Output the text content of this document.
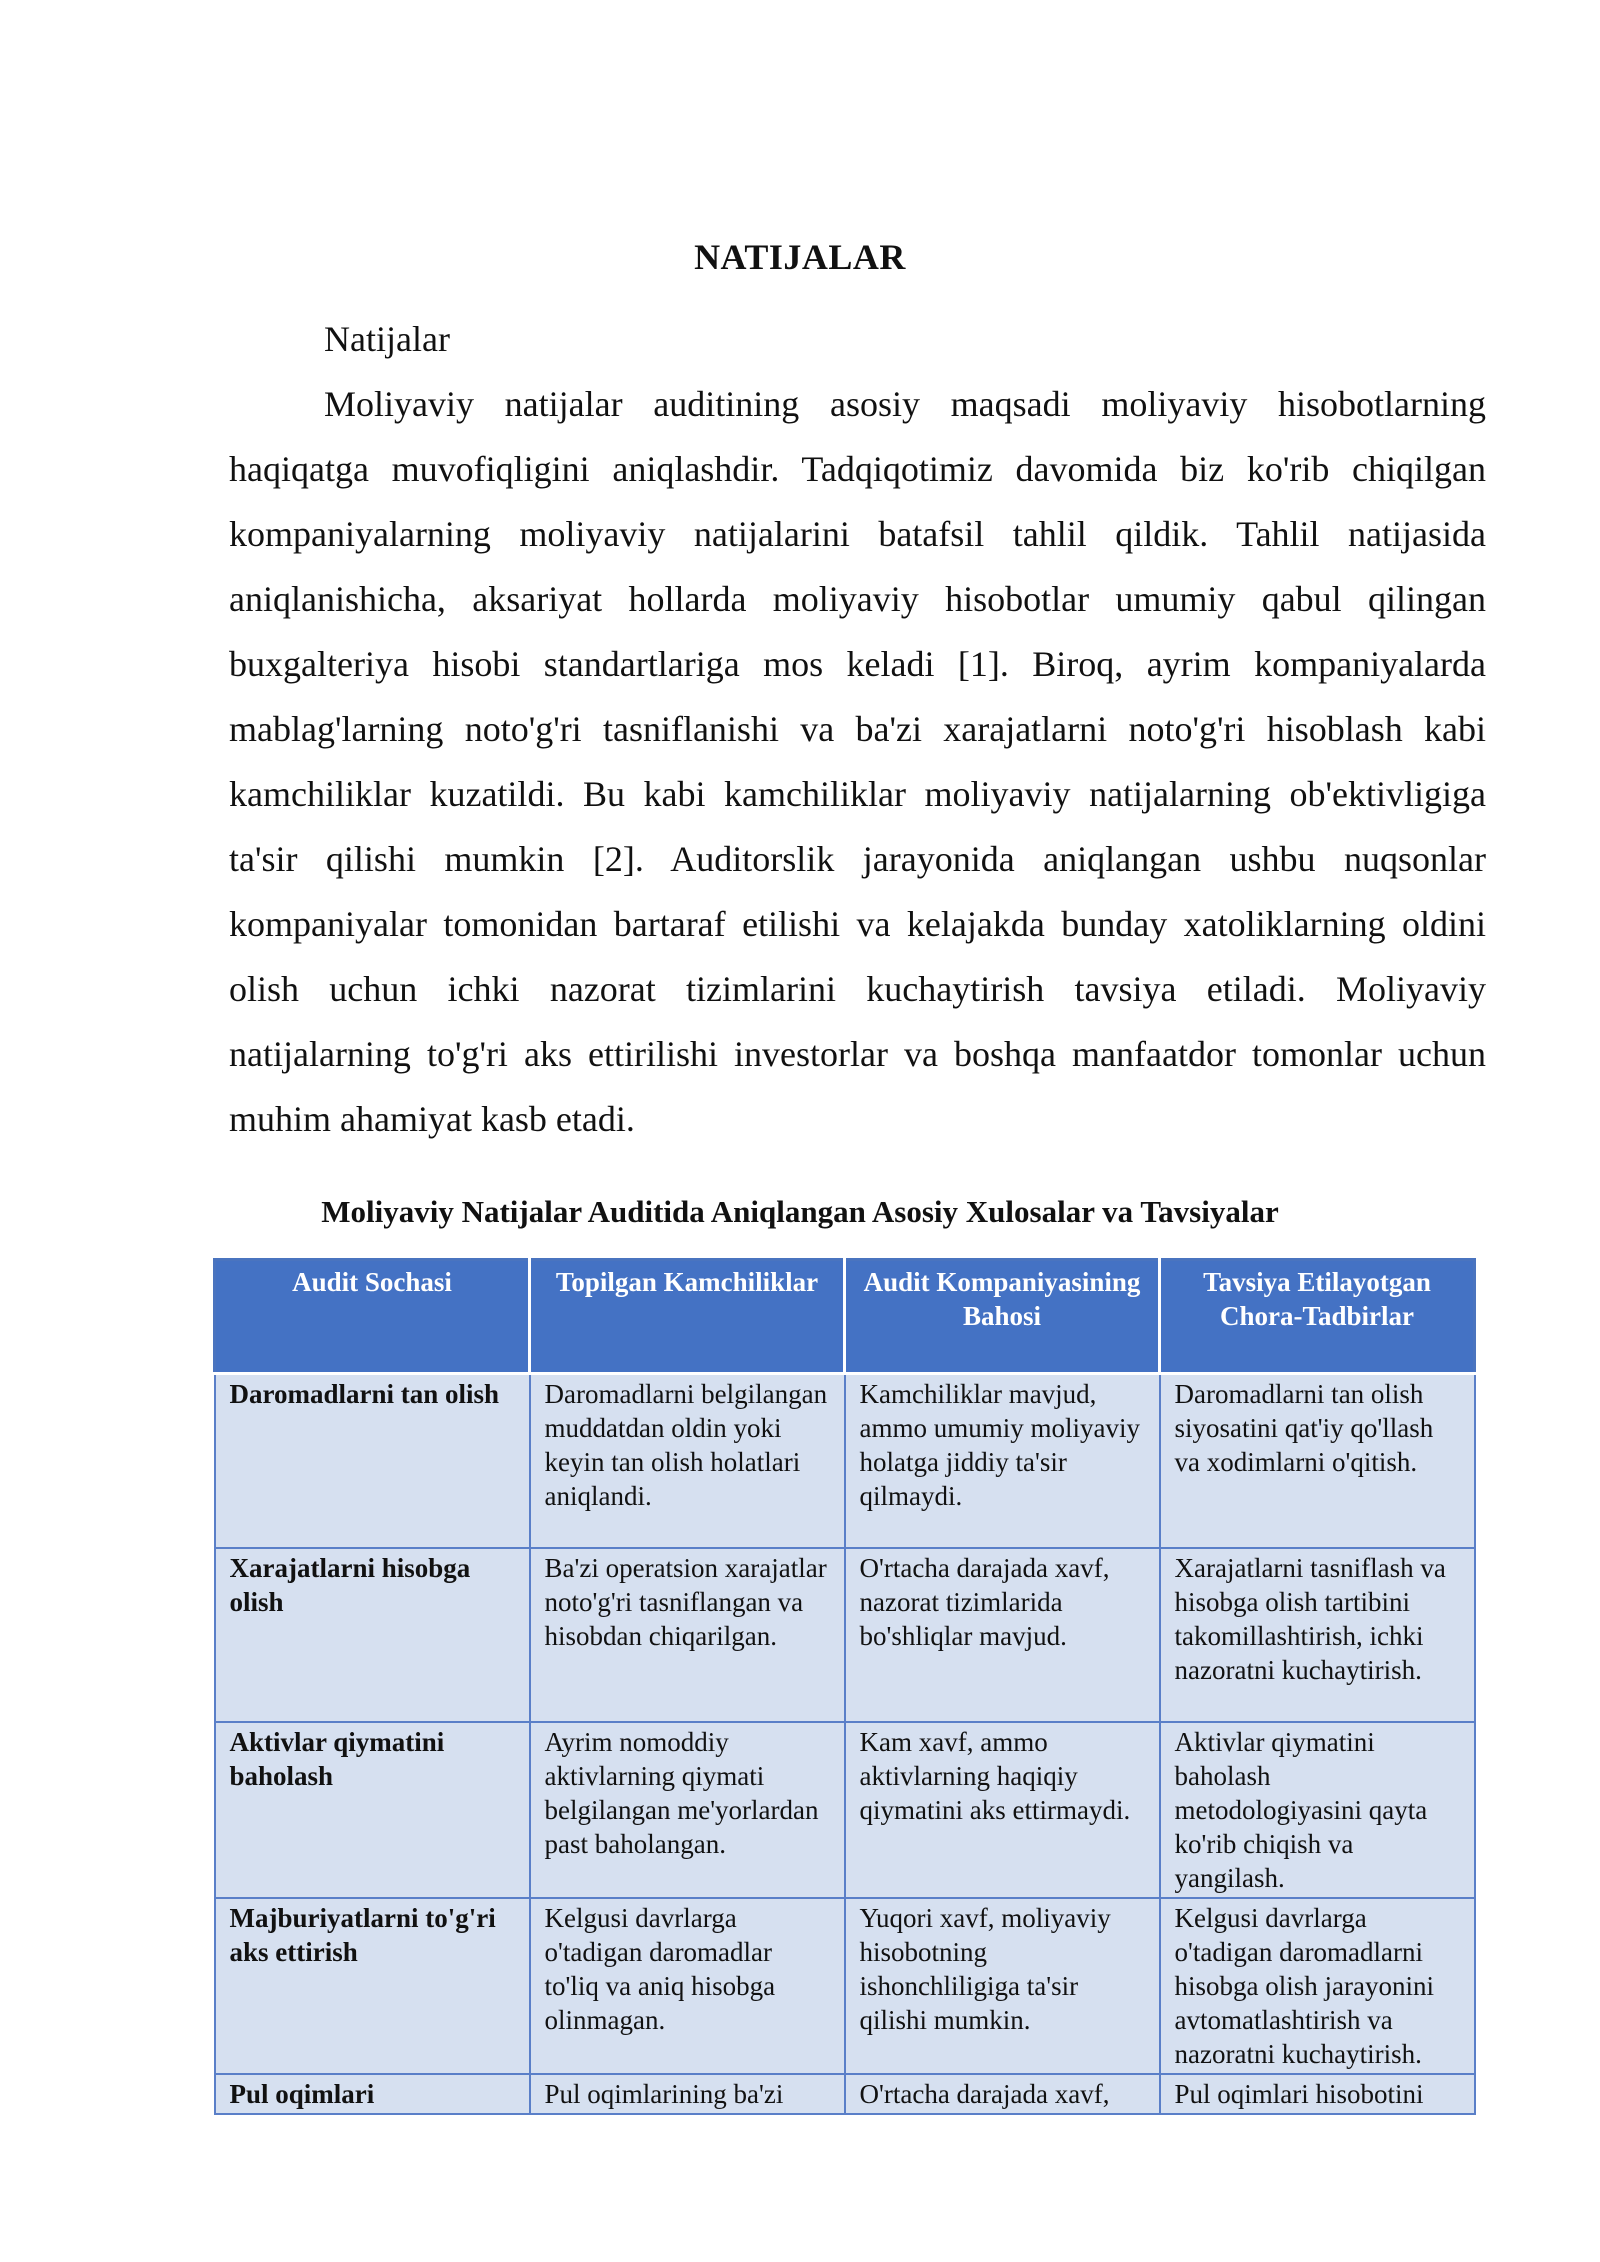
NATIJALAR
Natijalar

Moliyaviy natijalar auditining asosiy maqsadi moliyaviy hisobotlarning haqiqatga muvofiqligini aniqlashdir. Tadqiqotimiz davomida biz ko'rib chiqilgan kompaniyalarning moliyaviy natijalarini batafsil tahlil qildik. Tahlil natijasida aniqlanishicha, aksariyat hollarda moliyaviy hisobotlar umumiy qabul qilingan buxgalteriya hisobi standartlariga mos keladi [1]. Biroq, ayrim kompaniyalarda mablag'larning noto'g'ri tasniflanishi va ba'zi xarajatlarni noto'g'ri hisoblash kabi kamchiliklar kuzatildi. Bu kabi kamchiliklar moliyaviy natijalarning ob'ektivligiga ta'sir qilishi mumkin [2]. Auditorslik jarayonida aniqlangan ushbu nuqsonlar kompaniyalar tomonidan bartaraf etilishi va kelajakda bunday xatoliklarning oldini olish uchun ichki nazorat tizimlarini kuchaytirish tavsiya etiladi. Moliyaviy natijalarning to'g'ri aks ettirilishi investorlar va boshqa manfaatdor tomonlar uchun muhim ahamiyat kasb etadi.

Moliyaviy Natijalar Auditida Aniqlangan Asosiy Xulosalar va Tavsiyalar
Audit Sochasi	Topilgan Kamchiliklar	Audit Kompaniyasining Bahosi	Tavsiya Etilayotgan Chora-Tadbirlar
Daromadlarni tan olish	Daromadlarni belgilangan muddatdan oldin yoki keyin tan olish holatlari aniqlandi.	Kamchiliklar mavjud, ammo umumiy moliyaviy holatga jiddiy ta'sir qilmaydi.	Daromadlarni tan olish siyosatini qat'iy qo'llash va xodimlarni o'qitish.
Xarajatlarni hisobga olish	Ba'zi operatsion xarajatlar noto'g'ri tasniflangan va hisobdan chiqarilgan.	O'rtacha darajada xavf, nazorat tizimlarida bo'shliqlar mavjud.	Xarajatlarni tasniflash va hisobga olish tartibini takomillashtirish, ichki nazoratni kuchaytirish.
Aktivlar qiymatini baholash	Ayrim nomoddiy aktivlarning qiymati belgilangan me'yorlardan past baholangan.	Kam xavf, ammo aktivlarning haqiqiy qiymatini aks ettirmaydi.	Aktivlar qiymatini baholash metodologiyasini qayta ko'rib chiqish va yangilash.
Majburiyatlarni to'g'ri aks ettirish	Kelgusi davrlarga o'tadigan daromadlar to'liq va aniq hisobga olinmagan.	Yuqori xavf, moliyaviy hisobotning ishonchliligiga ta'sir qilishi mumkin.	Kelgusi davrlarga o'tadigan daromadlarni hisobga olish jarayonini avtomatlashtirish va nazoratni kuchaytirish.
Pul oqimlari	Pul oqimlarining ba'zi	O'rtacha darajada xavf,	Pul oqimlari hisobotini
